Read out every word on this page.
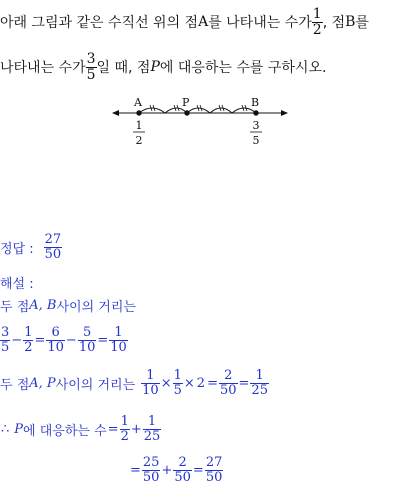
아래 그림과 같은 수직선 위의 점 A 를 나타내는 수가 $\frac{1}{2}$ , 점 B 를
나타내는 수가 $\frac{3}{5}$ 일 때, 점 P 에 대응하는 수를 구하시오.
A	P	B
1
2
3
5
정답 : $\frac{27}{50}$
해설 :
두 점 A, B 사이의 거리는
$\frac{3}{5} - \frac{1}{2} = \frac{6}{10} - \frac{5}{10} = \frac{1}{10}$
두 점 A, P 사이의 거리는 $\frac{1}{10} \times \frac{1}{5} \times 2 = \frac{2}{50} = \frac{1}{25}$
∴ P 에 대응하는 수 = $\frac{1}{2} + \frac{1}{25}$
= $\frac{25}{50} + \frac{2}{50} = \frac{27}{50}$
